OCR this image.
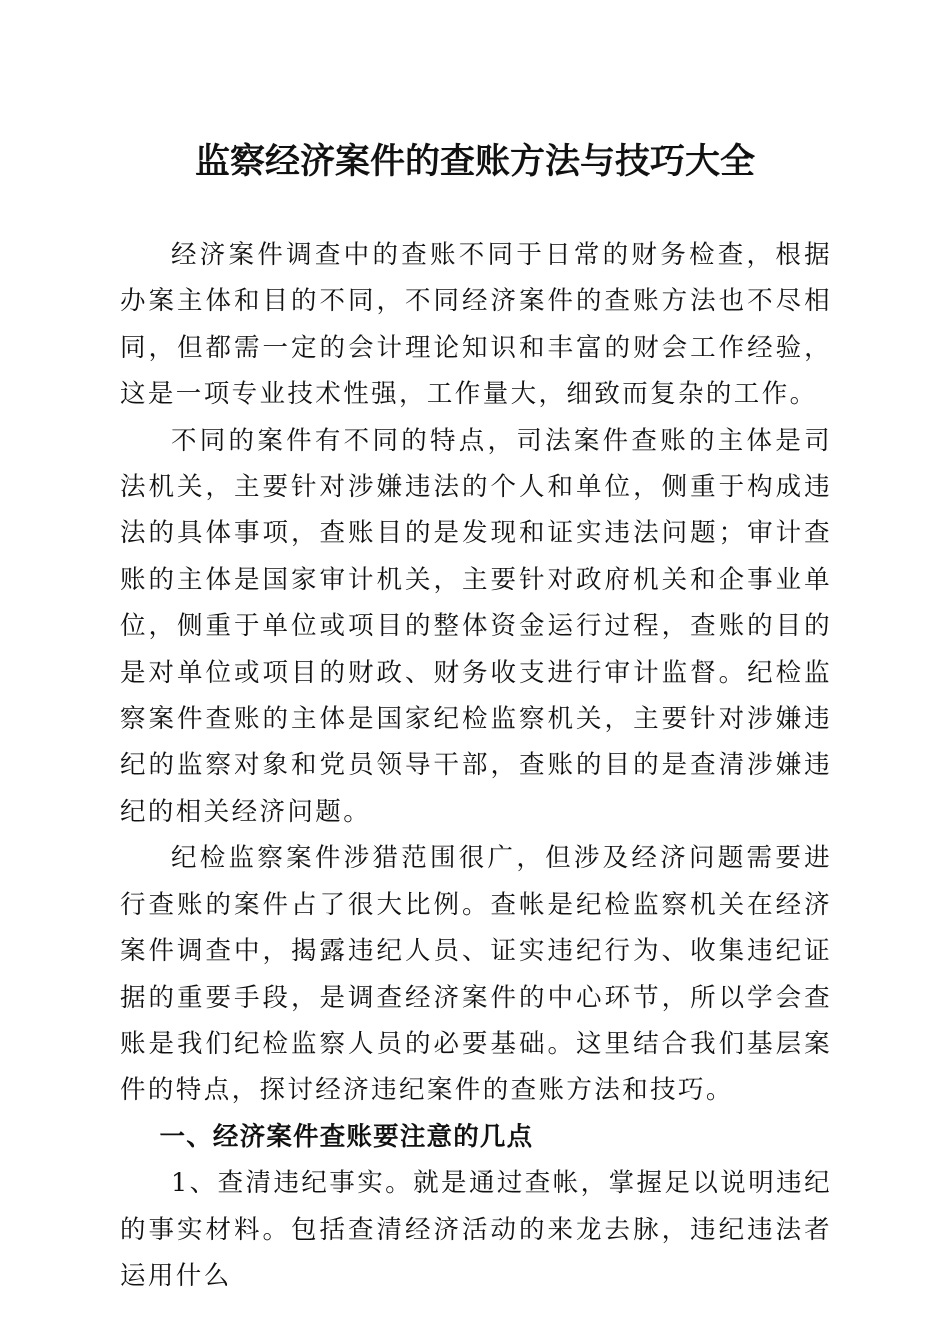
监察经济案件的查账方法与技巧大全

经济案件调查中的查账不同于日常的财务检查，根据办案主体和目的不同，不同经济案件的查账方法也不尽相同，但都需一定的会计理论知识和丰富的财会工作经验，这是一项专业技术性强，工作量大，细致而复杂的工作。

不同的案件有不同的特点，司法案件查账的主体是司法机关，主要针对涉嫌违法的个人和单位，侧重于构成违法的具体事项，查账目的是发现和证实违法问题；审计查账的主体是国家审计机关，主要针对政府机关和企事业单位，侧重于单位或项目的整体资金运行过程，查账的目的是对单位或项目的财政、财务收支进行审计监督。纪检监察案件查账的主体是国家纪检监察机关，主要针对涉嫌违纪的监察对象和党员领导干部，查账的目的是查清涉嫌违纪的相关经济问题。

纪检监察案件涉猎范围很广，但涉及经济问题需要进行查账的案件占了很大比例。查帐是纪检监察机关在经济案件调查中，揭露违纪人员、证实违纪行为、收集违纪证据的重要手段，是调查经济案件的中心环节，所以学会查账是我们纪检监察人员的必要基础。这里结合我们基层案件的特点，探讨经济违纪案件的查账方法和技巧。

一、经济案件查账要注意的几点

1、查清违纪事实。就是通过查帐，掌握足以说明违纪的事实材料。包括查清经济活动的来龙去脉，违纪违法者运用什么
